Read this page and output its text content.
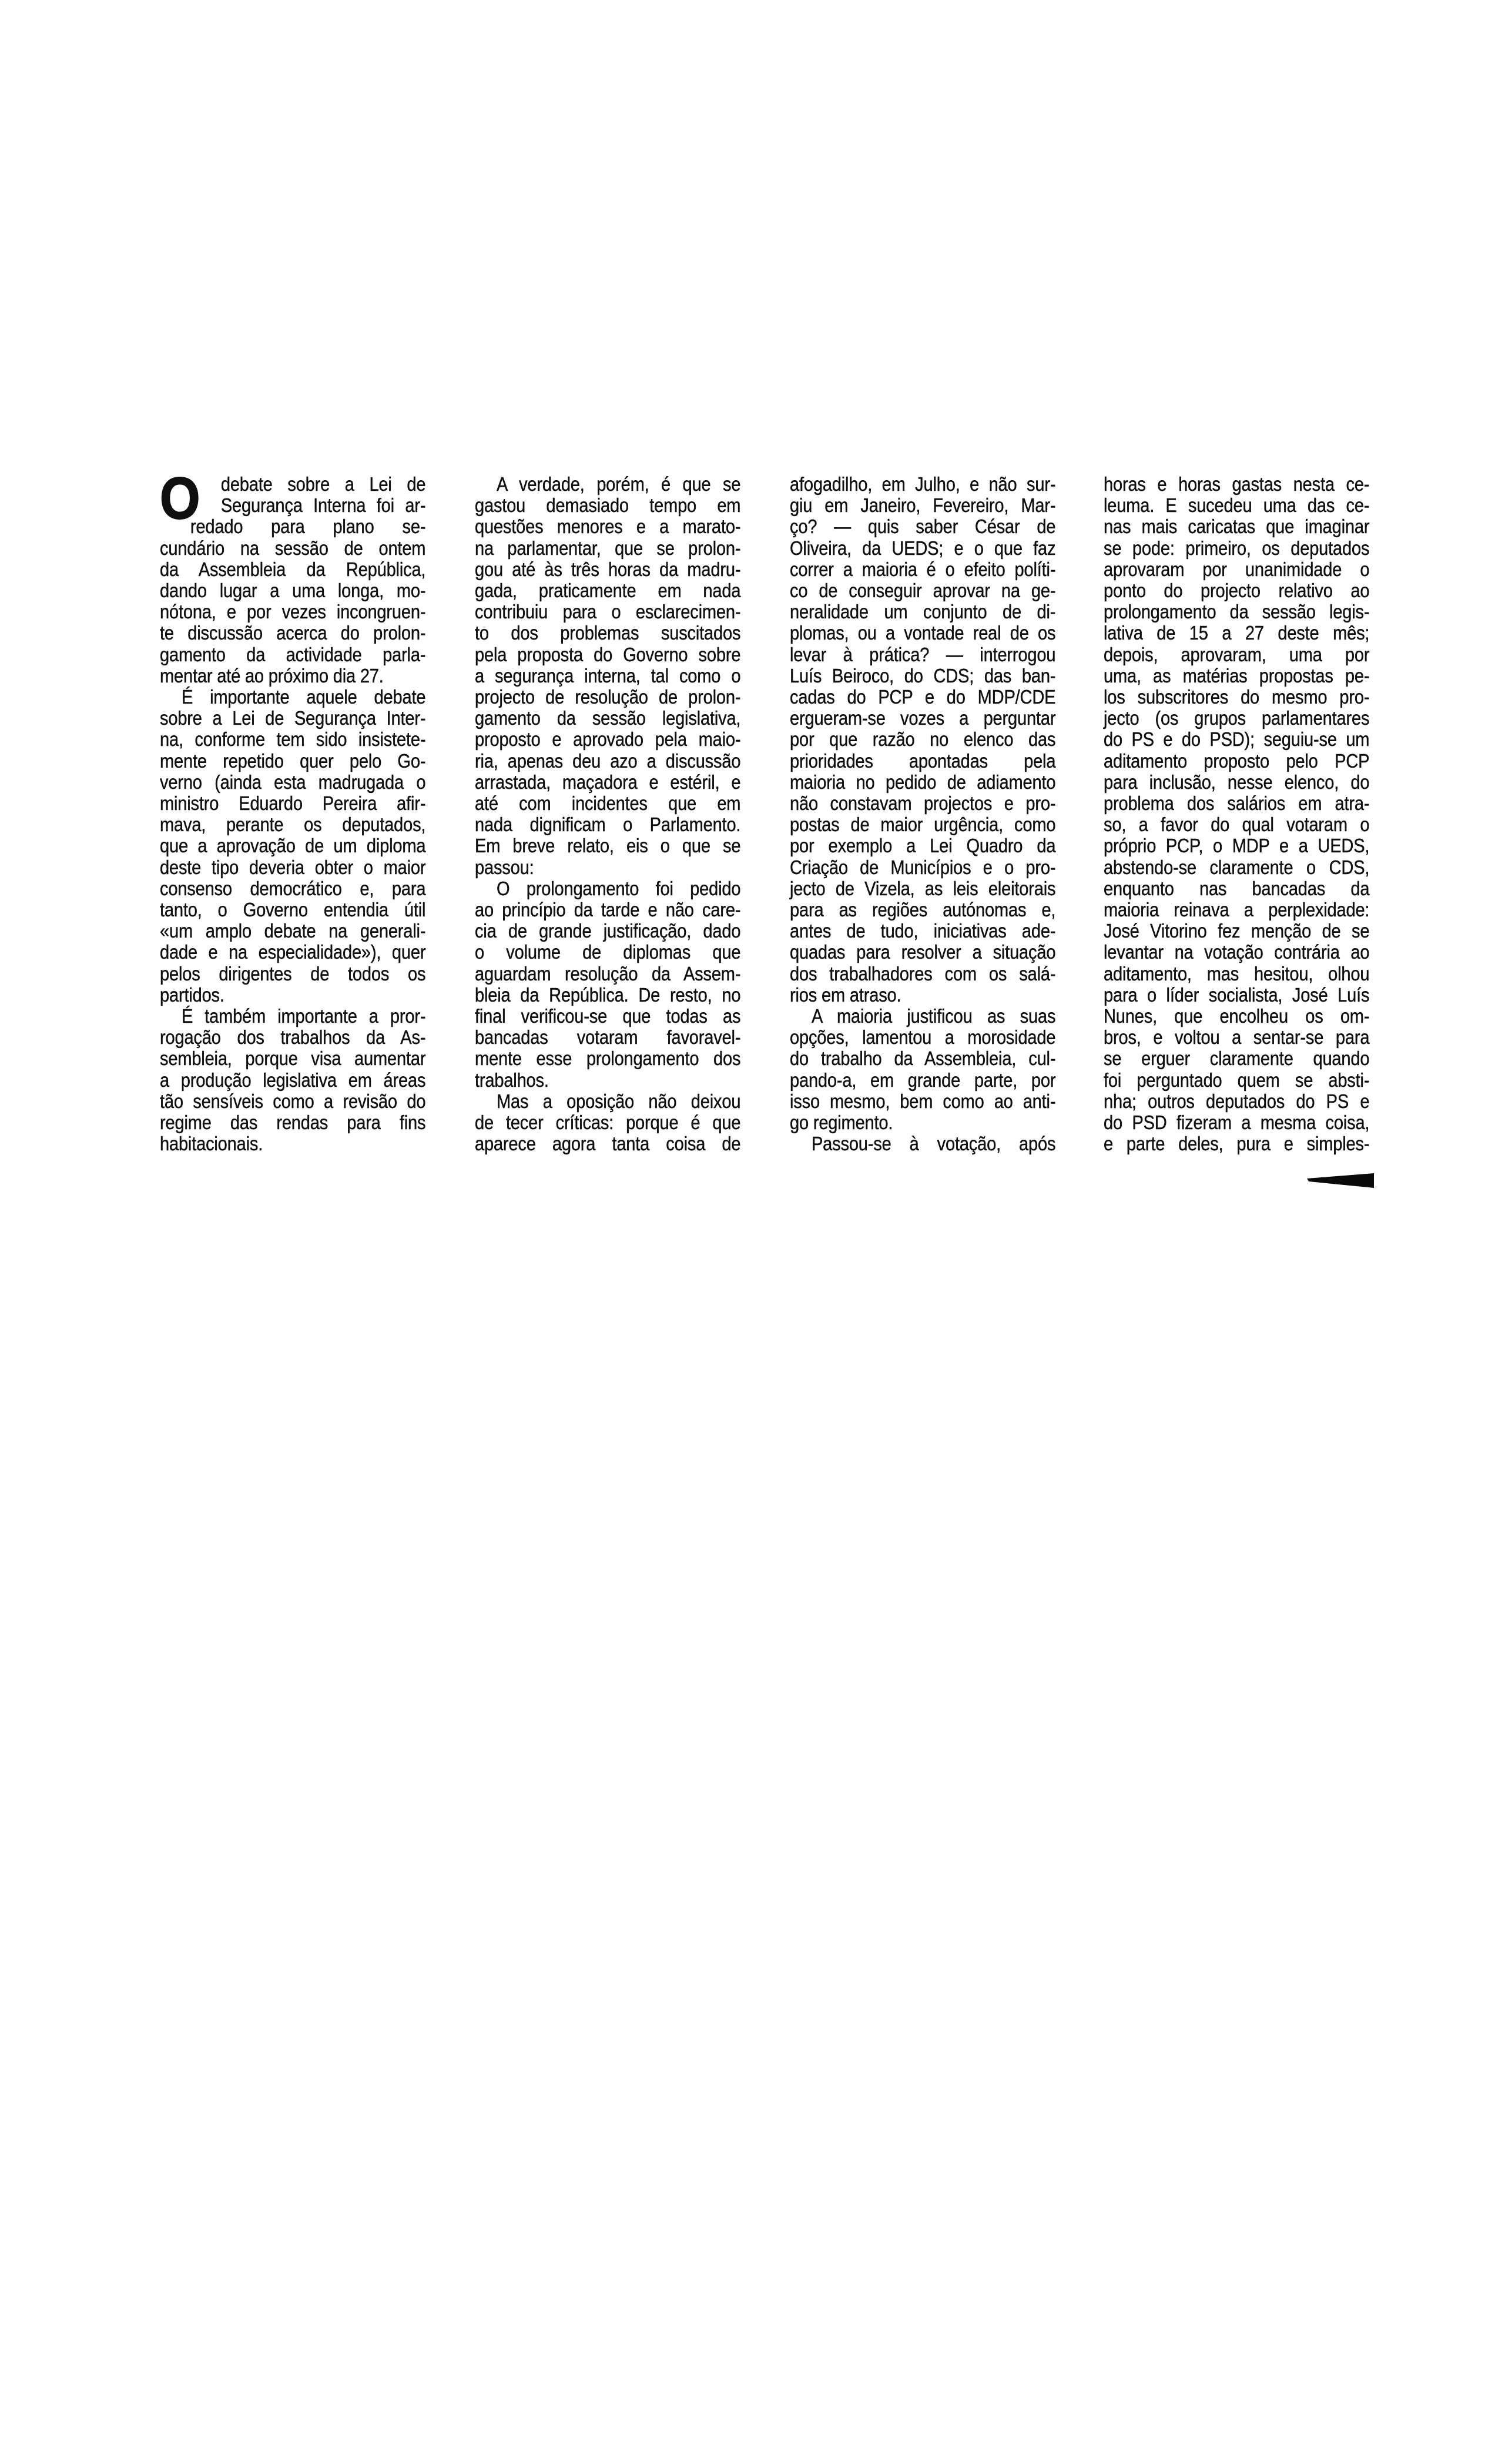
O	debate sobre a Lei de
Segurança Interna foi ar-
redado para plano se-
cundário na sessão de ontem
da Assembleia da República,
dando lugar a uma longa, mo-
nótona, e por vezes incongruen-
te discussão acerca do prolon-
gamento da actividade parla-
mentar até ao próximo dia 27.
É importante aquele debate
sobre a Lei de Segurança Inter-
na, conforme tem sido insistete-
mente repetido quer pelo Go-
verno (ainda esta madrugada o
ministro Eduardo Pereira afir-
mava, perante os deputados,
que a aprovação de um diploma
deste tipo deveria obter o maior
consenso democrático e, para
tanto, o Governo entendia útil
«um amplo debate na generali-
dade e na especialidade»), quer
pelos dirigentes de todos os
partidos.
É também importante a pror-
rogação dos trabalhos da As-
sembleia, porque visa aumentar
a produção legislativa em áreas
tão sensíveis como a revisão do
regime das rendas para fins
habitacionais.
A verdade, porém, é que se
gastou demasiado tempo em
questões menores e a marato-
na parlamentar, que se prolon-
gou até às três horas da madru-
gada, praticamente em nada
contribuiu para o esclarecimen-
to dos problemas suscitados
pela proposta do Governo sobre
a segurança interna, tal como o
projecto de resolução de prolon-
gamento da sessão legislativa,
proposto e aprovado pela maio-
ria, apenas deu azo a discussão
arrastada, maçadora e estéril, e
até com incidentes que em
nada dignificam o Parlamento.
Em breve relato, eis o que se
passou:
O prolongamento foi pedido
ao princípio da tarde e não care-
cia de grande justificação, dado
o volume de diplomas que
aguardam resolução da Assem-
bleia da República. De resto, no
final verificou-se que todas as
bancadas votaram favoravel-
mente esse prolongamento dos
trabalhos.
Mas a oposição não deixou
de tecer críticas: porque é que
aparece agora tanta coisa de
afogadilho, em Julho, e não sur-
giu em Janeiro, Fevereiro, Mar-
ço? — quis saber César de
Oliveira, da UEDS; e o que faz
correr a maioria é o efeito políti-
co de conseguir aprovar na ge-
neralidade um conjunto de di-
plomas, ou a vontade real de os
levar à prática? — interrogou
Luís Beiroco, do CDS; das ban-
cadas do PCP e do MDP/CDE
ergueram-se vozes a perguntar
por que razão no elenco das
prioridades apontadas pela
maioria no pedido de adiamento
não constavam projectos e pro-
postas de maior urgência, como
por exemplo a Lei Quadro da
Criação de Municípios e o pro-
jecto de Vizela, as leis eleitorais
para as regiões autónomas e,
antes de tudo, iniciativas ade-
quadas para resolver a situação
dos trabalhadores com os salá-
rios em atraso.
A maioria justificou as suas
opções, lamentou a morosidade
do trabalho da Assembleia, cul-
pando-a, em grande parte, por
isso mesmo, bem como ao anti-
go regimento.
Passou-se à votação, após
horas e horas gastas nesta ce-
leuma. E sucedeu uma das ce-
nas mais caricatas que imaginar
se pode: primeiro, os deputados
aprovaram por unanimidade o
ponto do projecto relativo ao
prolongamento da sessão legis-
lativa de 15 a 27 deste mês;
depois, aprovaram, uma por
uma, as matérias propostas pe-
los subscritores do mesmo pro-
jecto (os grupos parlamentares
do PS e do PSD); seguiu-se um
aditamento proposto pelo PCP
para inclusão, nesse elenco, do
problema dos salários em atra-
so, a favor do qual votaram o
próprio PCP, o MDP e a UEDS,
abstendo-se claramente o CDS,
enquanto nas bancadas da
maioria reinava a perplexidade:
José Vitorino fez menção de se
levantar na votação contrária ao
aditamento, mas hesitou, olhou
para o líder socialista, José Luís
Nunes, que encolheu os om-
bros, e voltou a sentar-se para
se erguer claramente quando
foi perguntado quem se absti-
nha; outros deputados do PS e
do PSD fizeram a mesma coisa,
e parte deles, pura e simples-
